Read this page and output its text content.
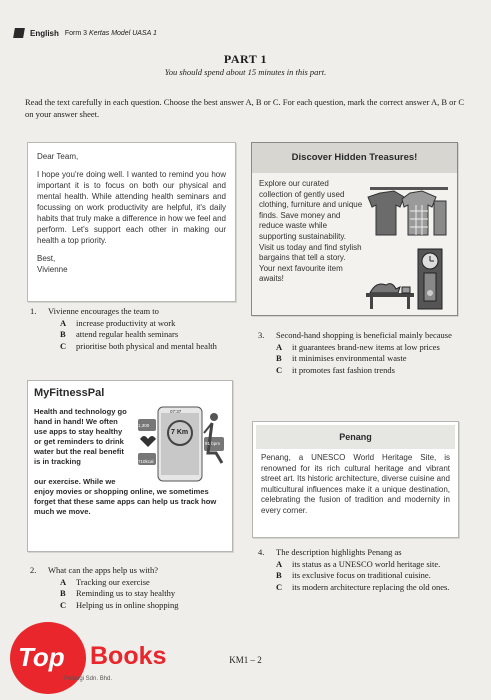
English Form 3 Kertas Model UASA 1
PART 1
You should spend about 15 minutes in this part.
Read the text carefully in each question. Choose the best answer A, B or C. For each question, mark the correct answer A, B or C on your answer sheet.

Dear Team,

I hope you're doing well. I wanted to remind you how important it is to focus on both our physical and mental health. While attending health seminars and focussing on work productivity are helpful, it's daily habits that truly make a difference in how we feel and perform. Let's support each other in making our health a top priority.

Best,

Vivienne

1. Vivienne encourages the team to
A increase productivity at work
B attend regular health seminars
C prioritise both physical and mental health
Discover Hidden Treasures!
Explore our curated collection of gently used clothing, furniture and unique finds. Save money and reduce waste while supporting sustainability. Visit us today and find stylish bargains that tell a story. Your next favourite item awaits!
3. Second-hand shopping is beneficial mainly because
A it guarantees brand-new items at low prices
B it minimises environmental waste
C it promotes fast fashion trends
MyFitnessPal
Health and technology go hand in hand! We often use apps to stay healthy or get reminders to drink water but the real benefit is in tracking
our exercise. While we
enjoy movies or shopping online, we sometimes forget that these same apps can help us track how much we move.
7 Km
07:37
710kcal
1,300
91 bpm
2. What can the apps help us with?
A Tracking our exercise
B Reminding us to stay healthy
C Helping us in online shopping
Penang
Penang, a UNESCO World Heritage Site, is renowned for its rich cultural heritage and vibrant street art. Its historic architecture, diverse cuisine and multicultural influences make it a unique destination, celebrating the fusion of tradition and modernity in every corner.
4. The description highlights Penang as
A its status as a UNESCO world heritage site.
B its exclusive focus on traditional cuisine.
C its modern architecture replacing the old ones.
KM1 – 2
Top Books
Pelangi Sdn. Bhd.
